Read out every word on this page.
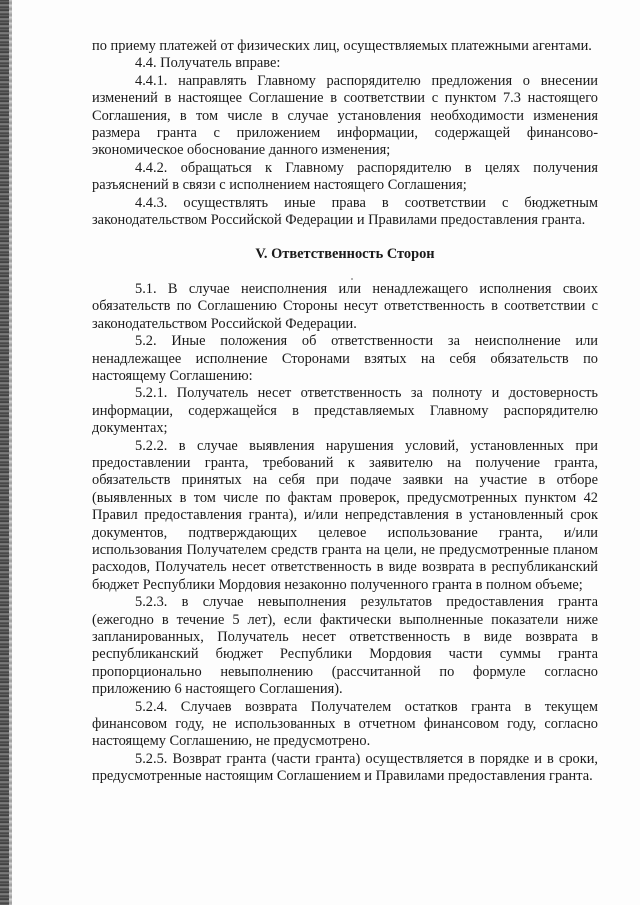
по приему платежей от физических лиц, осуществляемых платежными агентами.

4.4. Получатель вправе:

4.4.1. направлять Главному распорядителю предложения о внесении изменений в настоящее Соглашение в соответствии с пунктом 7.3 настоящего Соглашения, в том числе в случае установления необходимости изменения размера гранта с приложением информации, содержащей финансово-экономическое обоснование данного изменения;

4.4.2. обращаться к Главному распорядителю в целях получения разъяснений в связи с исполнением настоящего Соглашения;

4.4.3. осуществлять иные права в соответствии с бюджетным законодательством Российской Федерации и Правилами предоставления гранта.

V. Ответственность Сторон

5.1. В случае неисполнения или ненадлежащего исполнения своих обязательств по Соглашению Стороны несут ответственность в соответствии с законодательством Российской Федерации.

5.2. Иные положения об ответственности за неисполнение или ненадлежащее исполнение Сторонами взятых на себя обязательств по настоящему Соглашению:

5.2.1. Получатель несет ответственность за полноту и достоверность информации, содержащейся в представляемых Главному распорядителю документах;

5.2.2. в случае выявления нарушения условий, установленных при предоставлении гранта, требований к заявителю на получение гранта, обязательств принятых на себя при подаче заявки на участие в отборе (выявленных в том числе по фактам проверок, предусмотренных пунктом 42 Правил предоставления гранта), и/или непредставления в установленный срок документов, подтверждающих целевое использование гранта, и/или использования Получателем средств гранта на цели, не предусмотренные планом расходов, Получатель несет ответственность в виде возврата в республиканский бюджет Республики Мордовия незаконно полученного гранта в полном объеме;

5.2.3. в случае невыполнения результатов предоставления гранта (ежегодно в течение 5 лет), если фактически выполненные показатели ниже запланированных, Получатель несет ответственность в виде возврата в республиканский бюджет Республики Мордовия части суммы гранта пропорционально невыполнению (рассчитанной по формуле согласно приложению 6 настоящего Соглашения).

5.2.4. Случаев возврата Получателем остатков гранта в текущем финансовом году, не использованных в отчетном финансовом году, согласно настоящему Соглашению, не предусмотрено.

5.2.5. Возврат гранта (части гранта) осуществляется в порядке и в сроки, предусмотренные настоящим Соглашением и Правилами предоставления гранта.
